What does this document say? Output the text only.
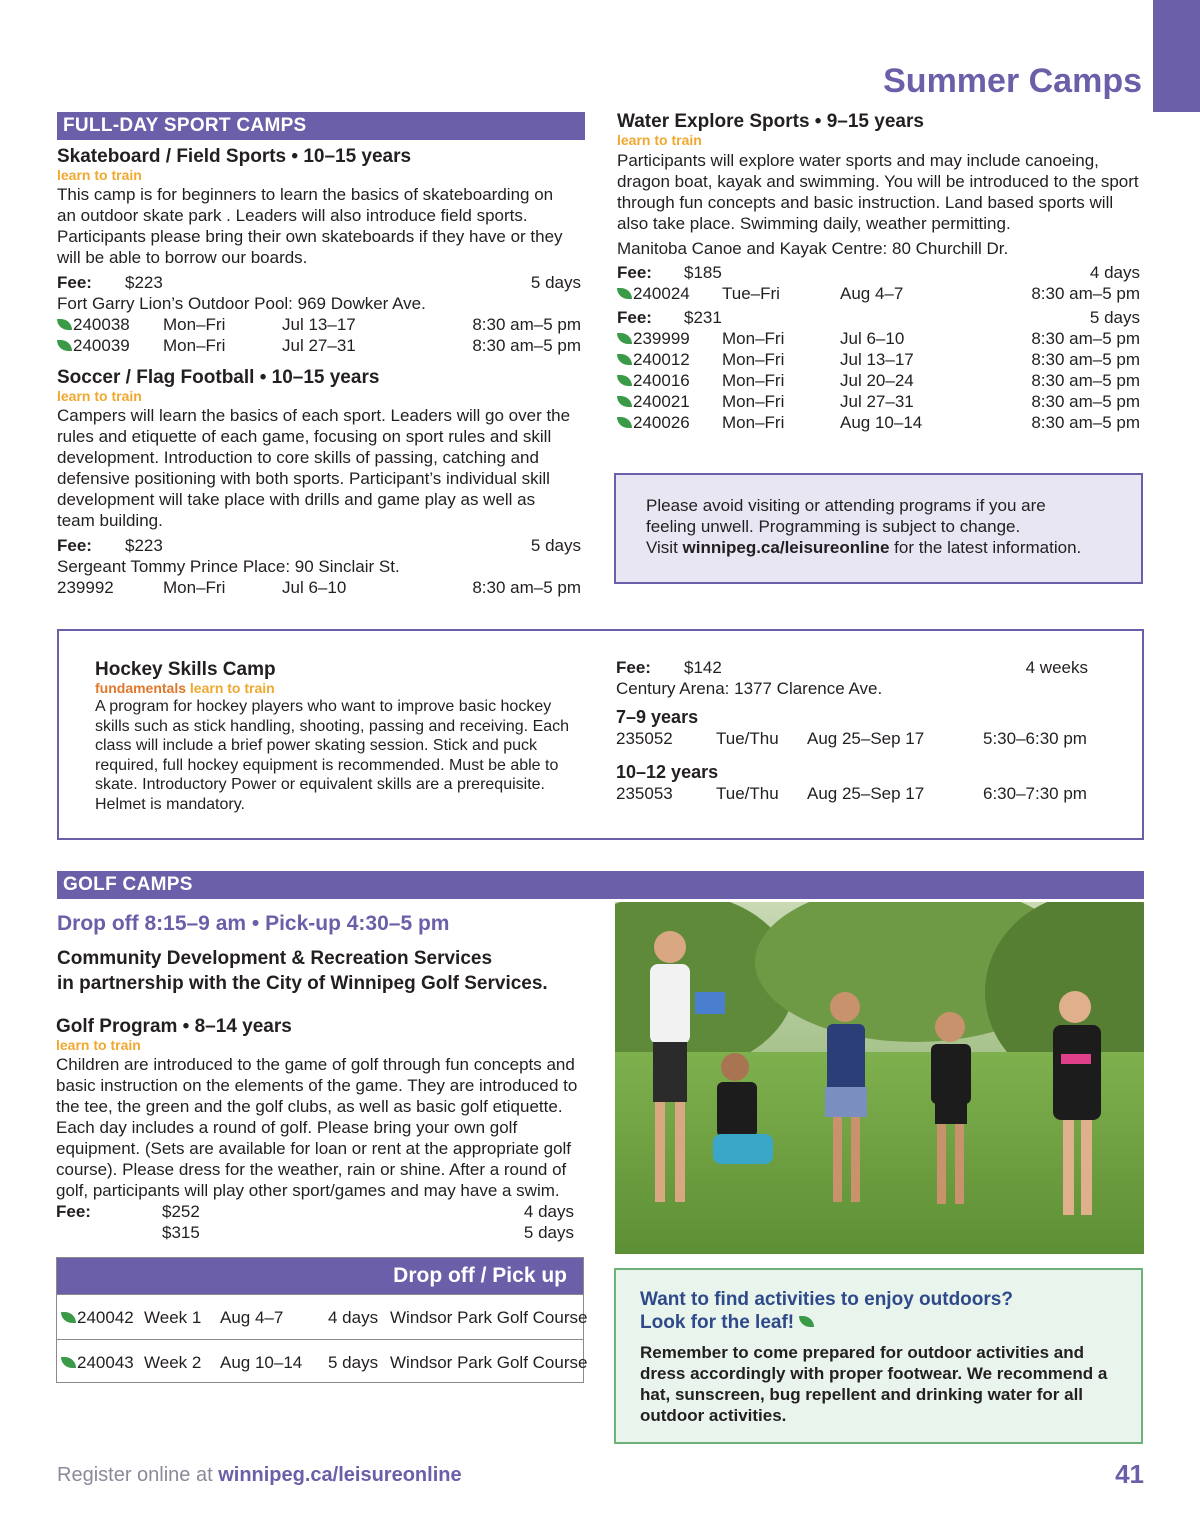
Summer Camps
FULL-DAY SPORT CAMPS
Skateboard / Field Sports • 10–15 years
learn to train
This camp is for beginners to learn the basics of skateboarding on an outdoor skate park . Leaders will also introduce field sports. Participants please bring their own skateboards if they have or they will be able to borrow our boards.
Fee: $223	5 days
Fort Garry Lion’s Outdoor Pool: 969 Dowker Ave.
240038 Mon–Fri	Jul 13–17	8:30 am–5 pm
240039 Mon–Fri	Jul 27–31	8:30 am–5 pm
Soccer / Flag Football • 10–15 years
learn to train
Campers will learn the basics of each sport. Leaders will go over the rules and etiquette of each game, focusing on sport rules and skill development. Introduction to core skills of passing, catching and defensive positioning with both sports. Participant’s individual skill development will take place with drills and game play as well as team building.
Fee: $223	5 days
Sergeant Tommy Prince Place: 90 Sinclair St.
239992	Mon–Fri	Jul 6–10	8:30 am–5 pm
Water Explore Sports • 9–15 years
learn to train
Participants will explore water sports and may include canoeing, dragon boat, kayak and swimming. You will be introduced to the sport through fun concepts and basic instruction. Land based sports will also take place. Swimming daily, weather permitting.
Manitoba Canoe and Kayak Centre: 80 Churchill Dr.
Fee: $185	4 days
240024 Tue–Fri	Aug 4–7	8:30 am–5 pm
Fee: $231	5 days
239999 Mon–Fri	Jul 6–10	8:30 am–5 pm
240012 Mon–Fri	Jul 13–17	8:30 am–5 pm
240016 Mon–Fri	Jul 20–24	8:30 am–5 pm
240021 Mon–Fri	Jul 27–31	8:30 am–5 pm
240026 Mon–Fri	Aug 10–14	8:30 am–5 pm
Please avoid visiting or attending programs if you are
feeling unwell. Programming is subject to change.
Visit winnipeg.ca/leisureonline for the latest information.
Hockey Skills Camp
fundamentals learn to train
A program for hockey players who want to improve basic hockey skills such as stick handling, shooting, passing and receiving. Each class will include a brief power skating session. Stick and puck required, full hockey equipment is recommended. Must be able to skate. Introductory Power or equivalent skills are a prerequisite. Helmet is mandatory.
Fee: $142	4 weeks
Century Arena: 1377 Clarence Ave.
7–9 years
235052	Tue/Thu Aug 25–Sep 17	5:30–6:30 pm
10–12 years
235053	Tue/Thu Aug 25–Sep 17	6:30–7:30 pm
GOLF CAMPS
Drop off 8:15–9 am • Pick-up 4:30–5 pm
Community Development & Recreation Services
in partnership with the City of Winnipeg Golf Services.
Golf Program • 8–14 years
learn to train
Children are introduced to the game of golf through fun concepts and basic instruction on the elements of the game. They are introduced to the tee, the green and the golf clubs, as well as basic golf etiquette. Each day includes a round of golf. Please bring your own golf equipment. (Sets are available for loan or rent at the appropriate golf course). Please dress for the weather, rain or shine. After a round of golf, participants will play other sport/games and may have a swim.
Fee:	$252	4 days
$315	5 days
Drop off / Pick up
240042 Week 1 Aug 4–7	4 days Windsor Park Golf Course
240043 Week 2 Aug 10–14 5 days Windsor Park Golf Course
Want to find activities to enjoy outdoors?
Look for the leaf!
Remember to come prepared for outdoor activities and dress accordingly with proper footwear. We recommend a hat, sunscreen, bug repellent and drinking water for all outdoor activities.
Register online at winnipeg.ca/leisureonline	41
